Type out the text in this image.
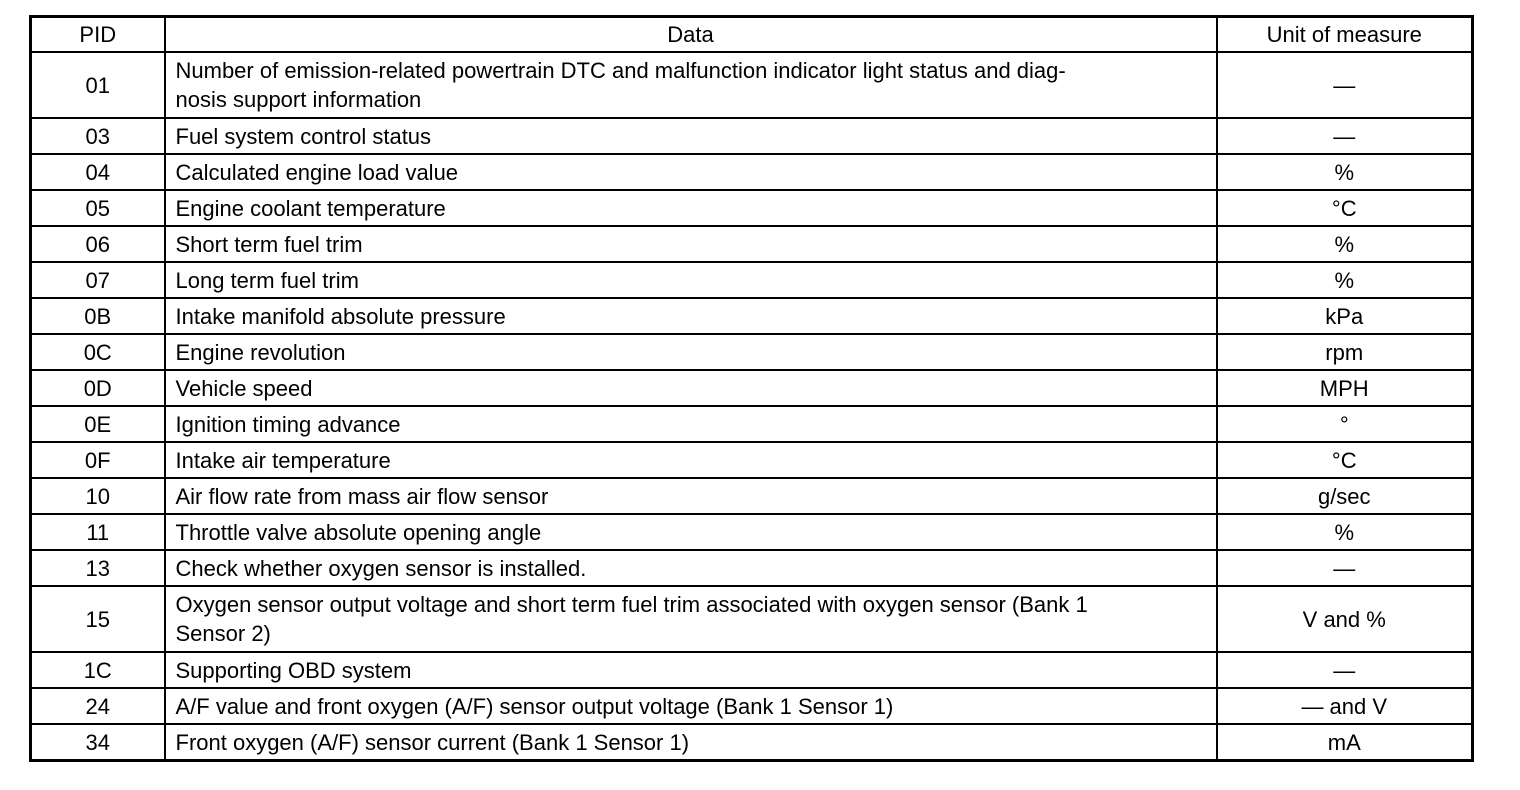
PID	Data	Unit of measure
01	Number of emission-related powertrain DTC and malfunction indicator light status and diag-
nosis support information	—
03	Fuel system control status	—
04	Calculated engine load value	%
05	Engine coolant temperature	°C
06	Short term fuel trim	%
07	Long term fuel trim	%
0B	Intake manifold absolute pressure	kPa
0C	Engine revolution	rpm
0D	Vehicle speed	MPH
0E	Ignition timing advance	°
0F	Intake air temperature	°C
10	Air flow rate from mass air flow sensor	g/sec
11	Throttle valve absolute opening angle	%
13	Check whether oxygen sensor is installed.	—
15	Oxygen sensor output voltage and short term fuel trim associated with oxygen sensor (Bank 1
Sensor 2)	V and %
1C	Supporting OBD system	—
24	A/F value and front oxygen (A/F) sensor output voltage (Bank 1 Sensor 1)	— and V
34	Front oxygen (A/F) sensor current (Bank 1 Sensor 1)	mA
